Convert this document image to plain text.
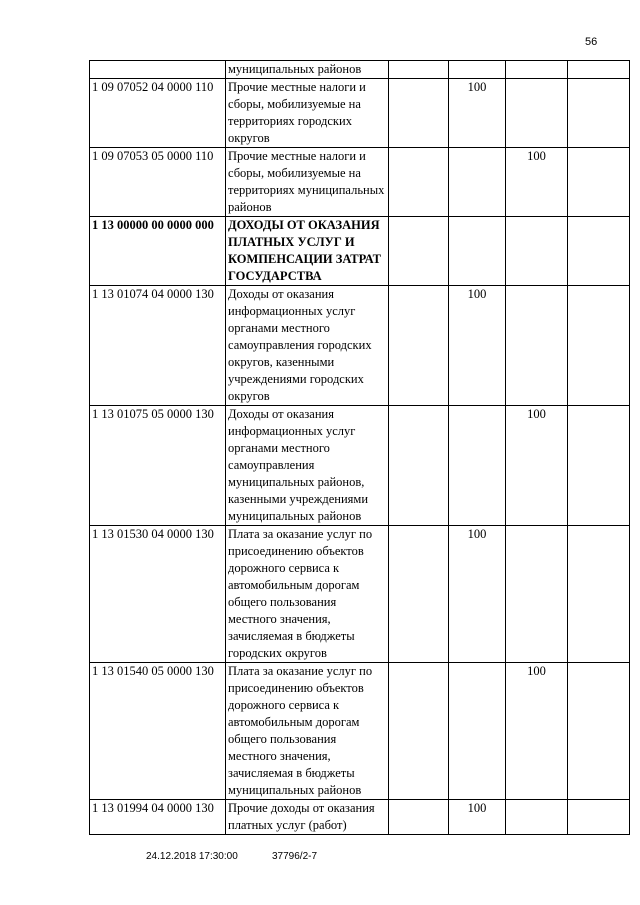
56
	муниципальных районов				
1 09 07052 04 0000 110	Прочие местные налоги и сборы, мобилизуемые на территориях городских округов		100		
1 09 07053 05 0000 110	Прочие местные налоги и сборы, мобилизуемые на территориях муниципальных районов			100	
1 13 00000 00 0000 000	ДОХОДЫ ОТ ОКАЗАНИЯ ПЛАТНЫХ УСЛУГ И КОМПЕНСАЦИИ ЗАТРАТ ГОСУДАРСТВА				
1 13 01074 04 0000 130	Доходы от оказания информационных услуг органами местного самоуправления городских округов, казенными учреждениями городских округов		100		
1 13 01075 05 0000 130	Доходы от оказания информационных услуг органами местного самоуправления муниципальных районов, казенными учреждениями муниципальных районов			100	
1 13 01530 04 0000 130	Плата за оказание услуг по присоединению объектов дорожного сервиса к автомобильным дорогам общего пользования местного значения, зачисляемая в бюджеты городских округов		100		
1 13 01540 05 0000 130	Плата за оказание услуг по присоединению объектов дорожного сервиса к автомобильным дорогам общего пользования местного значения, зачисляемая в бюджеты муниципальных районов			100	
1 13 01994 04 0000 130	Прочие доходы от оказания платных услуг (работ)		100		
24.12.2018 17:30:00	37796/2-7
